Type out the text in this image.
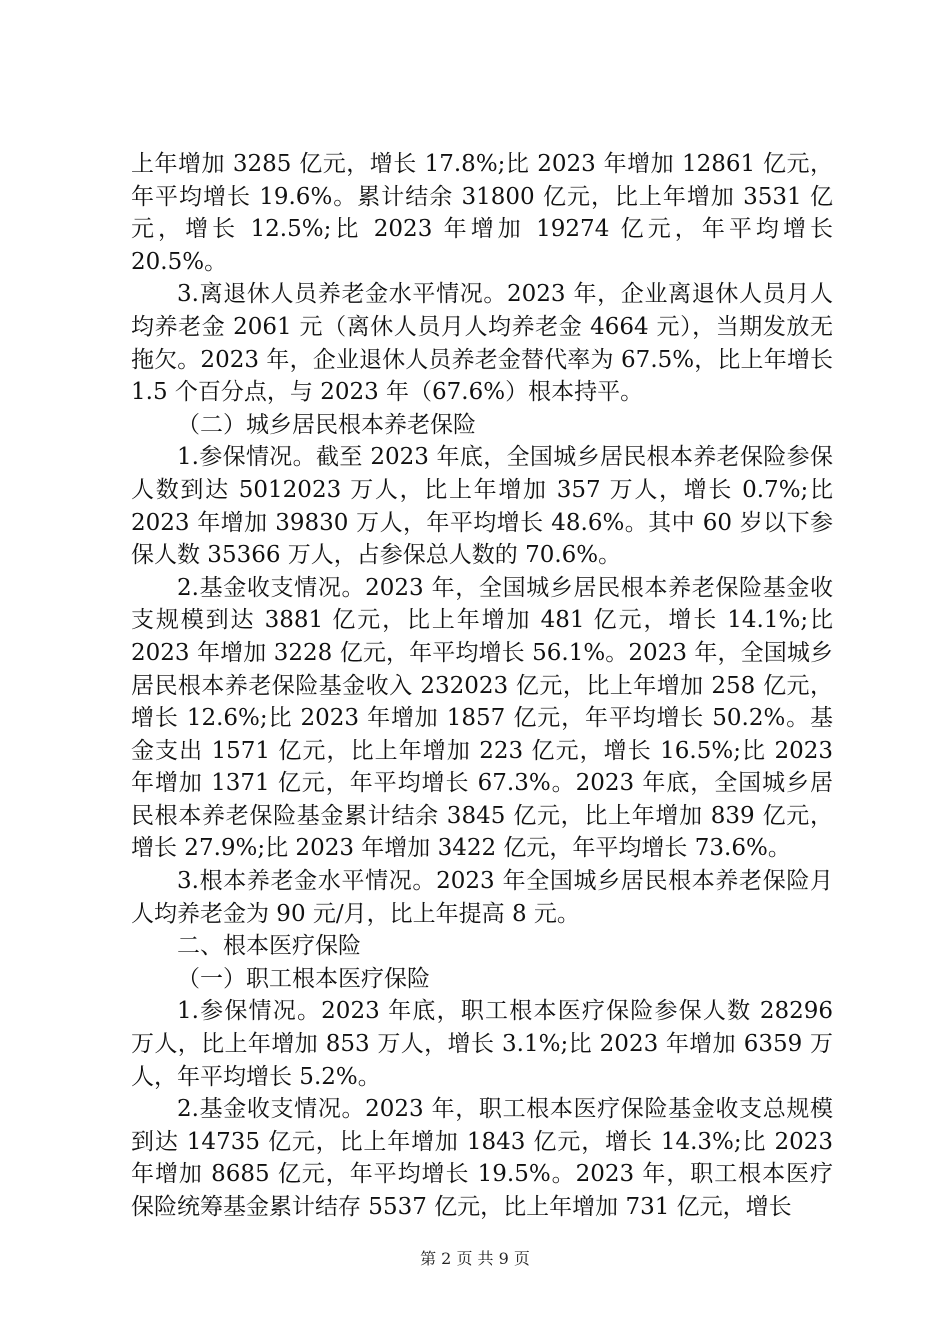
上年增加 3285 亿元，增长 17.8%;比 2023 年增加 12861 亿元，年平均增长 19.6%。累计结余 31800 亿元，比上年增加 3531 亿元，增长 12.5%;比 2023 年增加 19274 亿元，年平均增长 20.5%。

3.离退休人员养老金水平情况。2023 年，企业离退休人员月人均养老金 2061 元（离休人员月人均养老金 4664 元），当期发放无拖欠。2023 年，企业退休人员养老金替代率为 67.5%，比上年增长 1.5 个百分点，与 2023 年（67.6%）根本持平。

（二）城乡居民根本养老保险

1.参保情况。截至 2023 年底，全国城乡居民根本养老保险参保人数到达 5012023 万人，比上年增加 357 万人，增长 0.7%;比 2023 年增加 39830 万人，年平均增长 48.6%。其中 60 岁以下参保人数 35366 万人，占参保总人数的 70.6%。

2.基金收支情况。2023 年，全国城乡居民根本养老保险基金收支规模到达 3881 亿元，比上年增加 481 亿元，增长 14.1%;比 2023 年增加 3228 亿元，年平均增长 56.1%。2023 年，全国城乡居民根本养老保险基金收入 232023 亿元，比上年增加 258 亿元，增长 12.6%;比 2023 年增加 1857 亿元，年平均增长 50.2%。基金支出 1571 亿元，比上年增加 223 亿元，增长 16.5%;比 2023 年增加 1371 亿元，年平均增长 67.3%。2023 年底，全国城乡居民根本养老保险基金累计结余 3845 亿元，比上年增加 839 亿元，增长 27.9%;比 2023 年增加 3422 亿元，年平均增长 73.6%。

3.根本养老金水平情况。2023 年全国城乡居民根本养老保险月人均养老金为 90 元/月，比上年提高 8 元。

二、根本医疗保险

（一）职工根本医疗保险

1.参保情况。2023 年底，职工根本医疗保险参保人数 28296 万人，比上年增加 853 万人，增长 3.1%;比 2023 年增加 6359 万人，年平均增长 5.2%。

2.基金收支情况。2023 年，职工根本医疗保险基金收支总规模到达 14735 亿元，比上年增加 1843 亿元，增长 14.3%;比 2023 年增加 8685 亿元，年平均增长 19.5%。2023 年，职工根本医疗保险统筹基金累计结存 5537 亿元，比上年增加 731 亿元，增长

第 2 页 共 9 页
